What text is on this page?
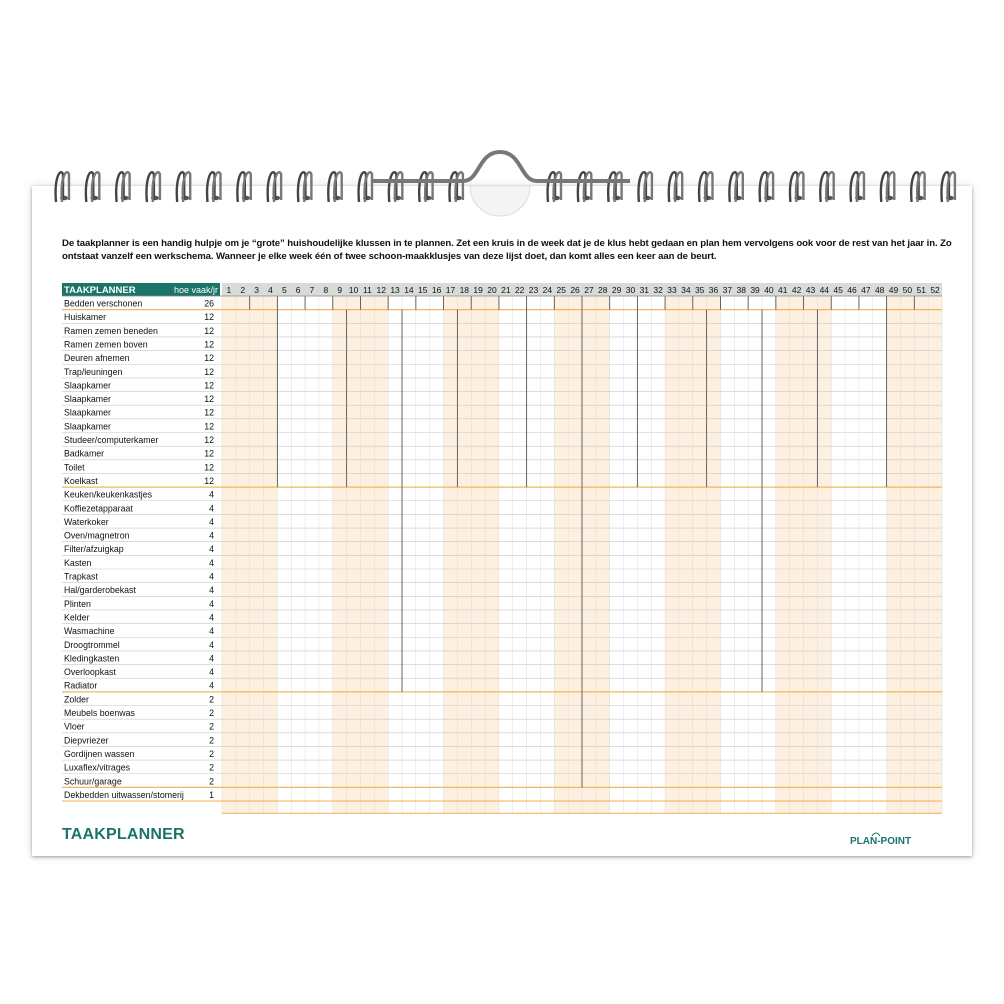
De taakplanner is een handig hulpje om je “grote” huishoudelijke klussen in te plannen. Zet een kruis in de week dat je de klus hebt gedaan en plan hem vervolgens ook voor de rest van het jaar in. Zo ontstaat vanzelf een werkschema. Wanneer je elke week één of twee schoon-maakklusjes van deze lijst doet, dan komt alles een keer aan de beurt.
TAAKPLANNER	hoe vaak/jr 1 2 3 4 5 6 7 8 9 10 11 12 13 14 15 16 17 18 19 20 21 22 23 24 25 26 27 28 29 30 31 32 33 34 35 36 37 38 39 40 41 42 43 44 45 46 47 48 49 50 51 52
Bedden verschonen	26
Huiskamer	12
Ramen zemen beneden	12
Ramen zemen boven	12
Deuren afnemen	12
Trap/leuningen	12
Slaapkamer	12
Slaapkamer	12
Slaapkamer	12
Slaapkamer	12
Studeer/computerkamer	12
Badkamer	12
Toilet	12
Koelkast	12
Keuken/keukenkastjes	4
Koffiezetapparaat	4
Waterkoker	4
Oven/magnetron	4
Filter/afzuigkap	4
Kasten	4
Trapkast	4
Hal/garderobekast	4
Plinten	4
Kelder	4
Wasmachine	4
Droogtrommel	4
Kledingkasten	4
Overloopkast	4
Radiator	4
Zolder	2
Meubels boenwas	2
Vloer	2
Diepvriezer	2
Gordijnen wassen	2
Luxaflex/vitrages	2
Schuur/garage	2
Dekbedden uitwassen/stomerij	1
TAAKPLANNER	PLAN-POINT
